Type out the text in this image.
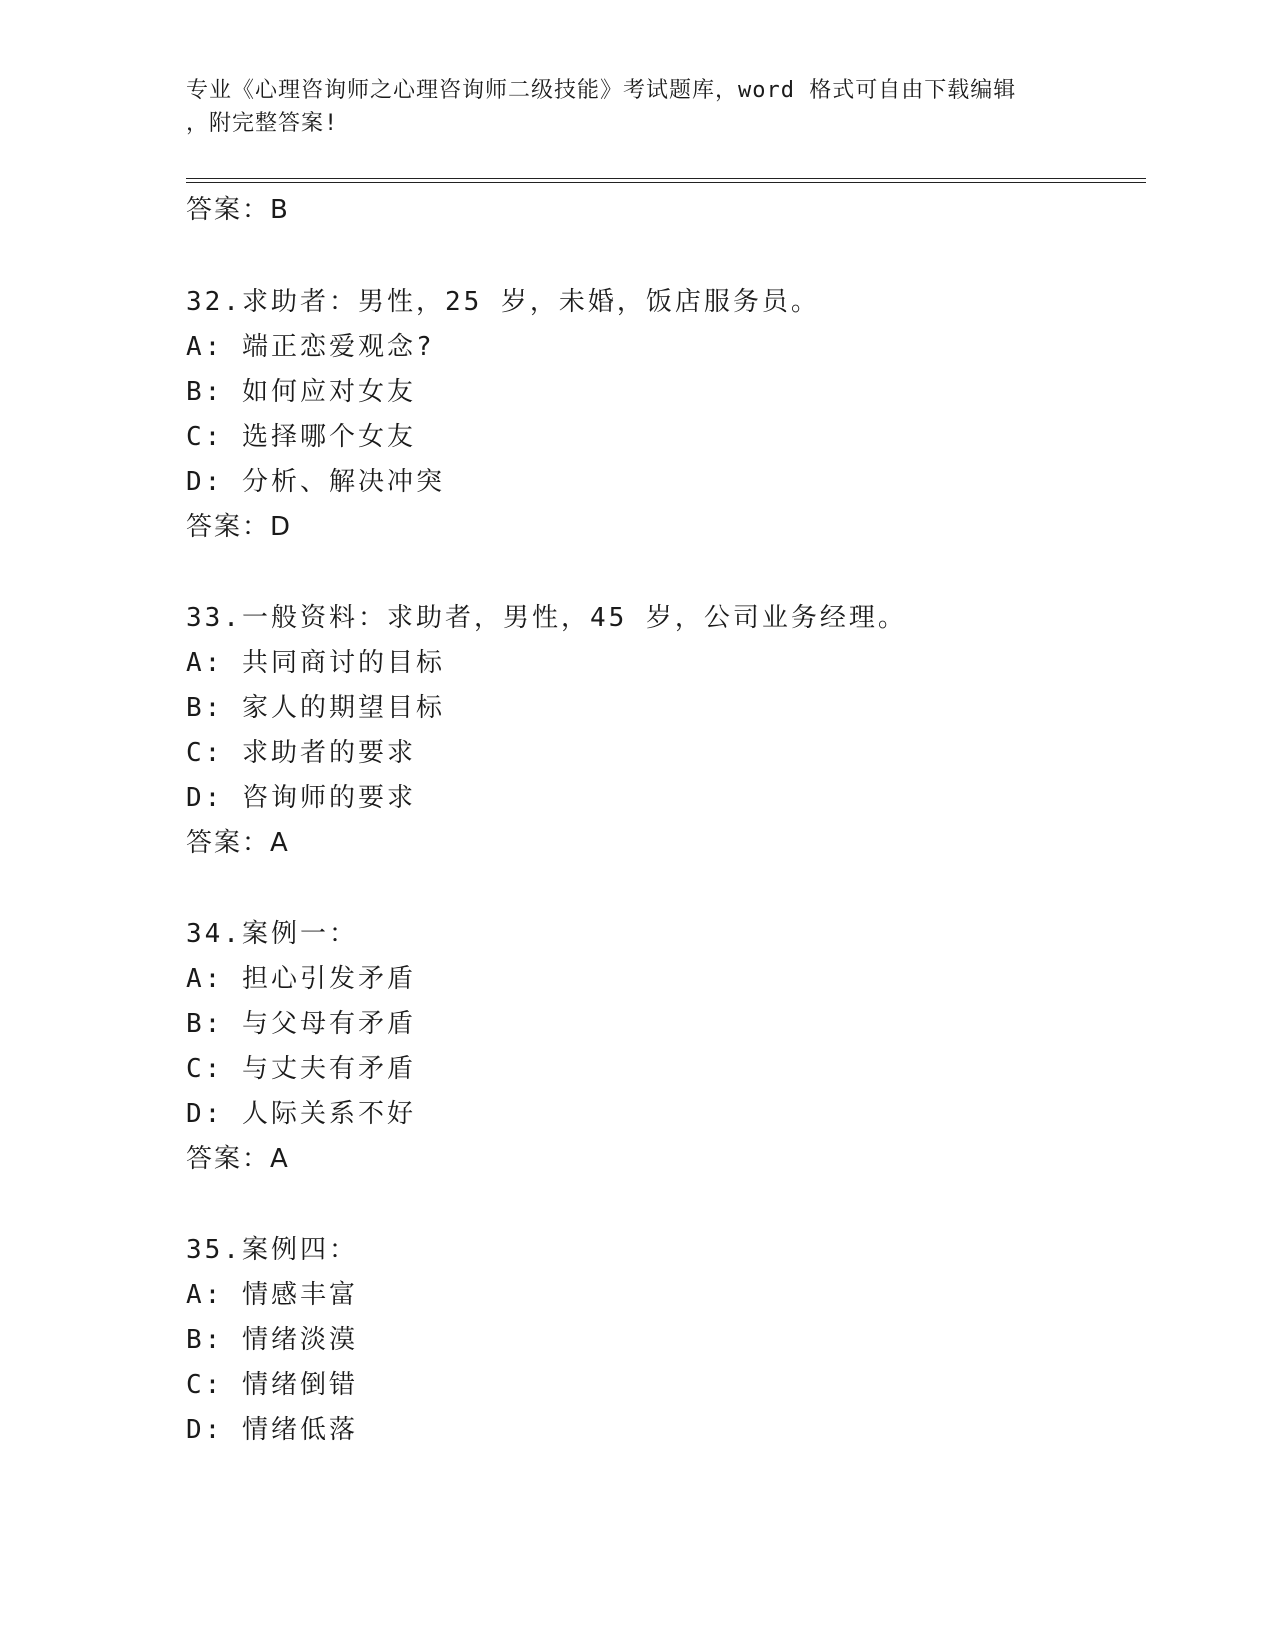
专业《心理咨询师之心理咨询师二级技能》考试题库，word 格式可自由下载编辑
，附完整答案!
答案：B
32.求助者：男性，25 岁，未婚，饭店服务员。
A: 端正恋爱观念?
B: 如何应对女友
C: 选择哪个女友
D: 分析、解决冲突
答案：D
33.一般资料：求助者，男性，45 岁，公司业务经理。
A: 共同商讨的目标
B: 家人的期望目标
C: 求助者的要求
D: 咨询师的要求
答案：A
34.案例一：
A: 担心引发矛盾
B: 与父母有矛盾
C: 与丈夫有矛盾
D: 人际关系不好
答案：A
35.案例四：
A: 情感丰富
B: 情绪淡漠
C: 情绪倒错
D: 情绪低落
